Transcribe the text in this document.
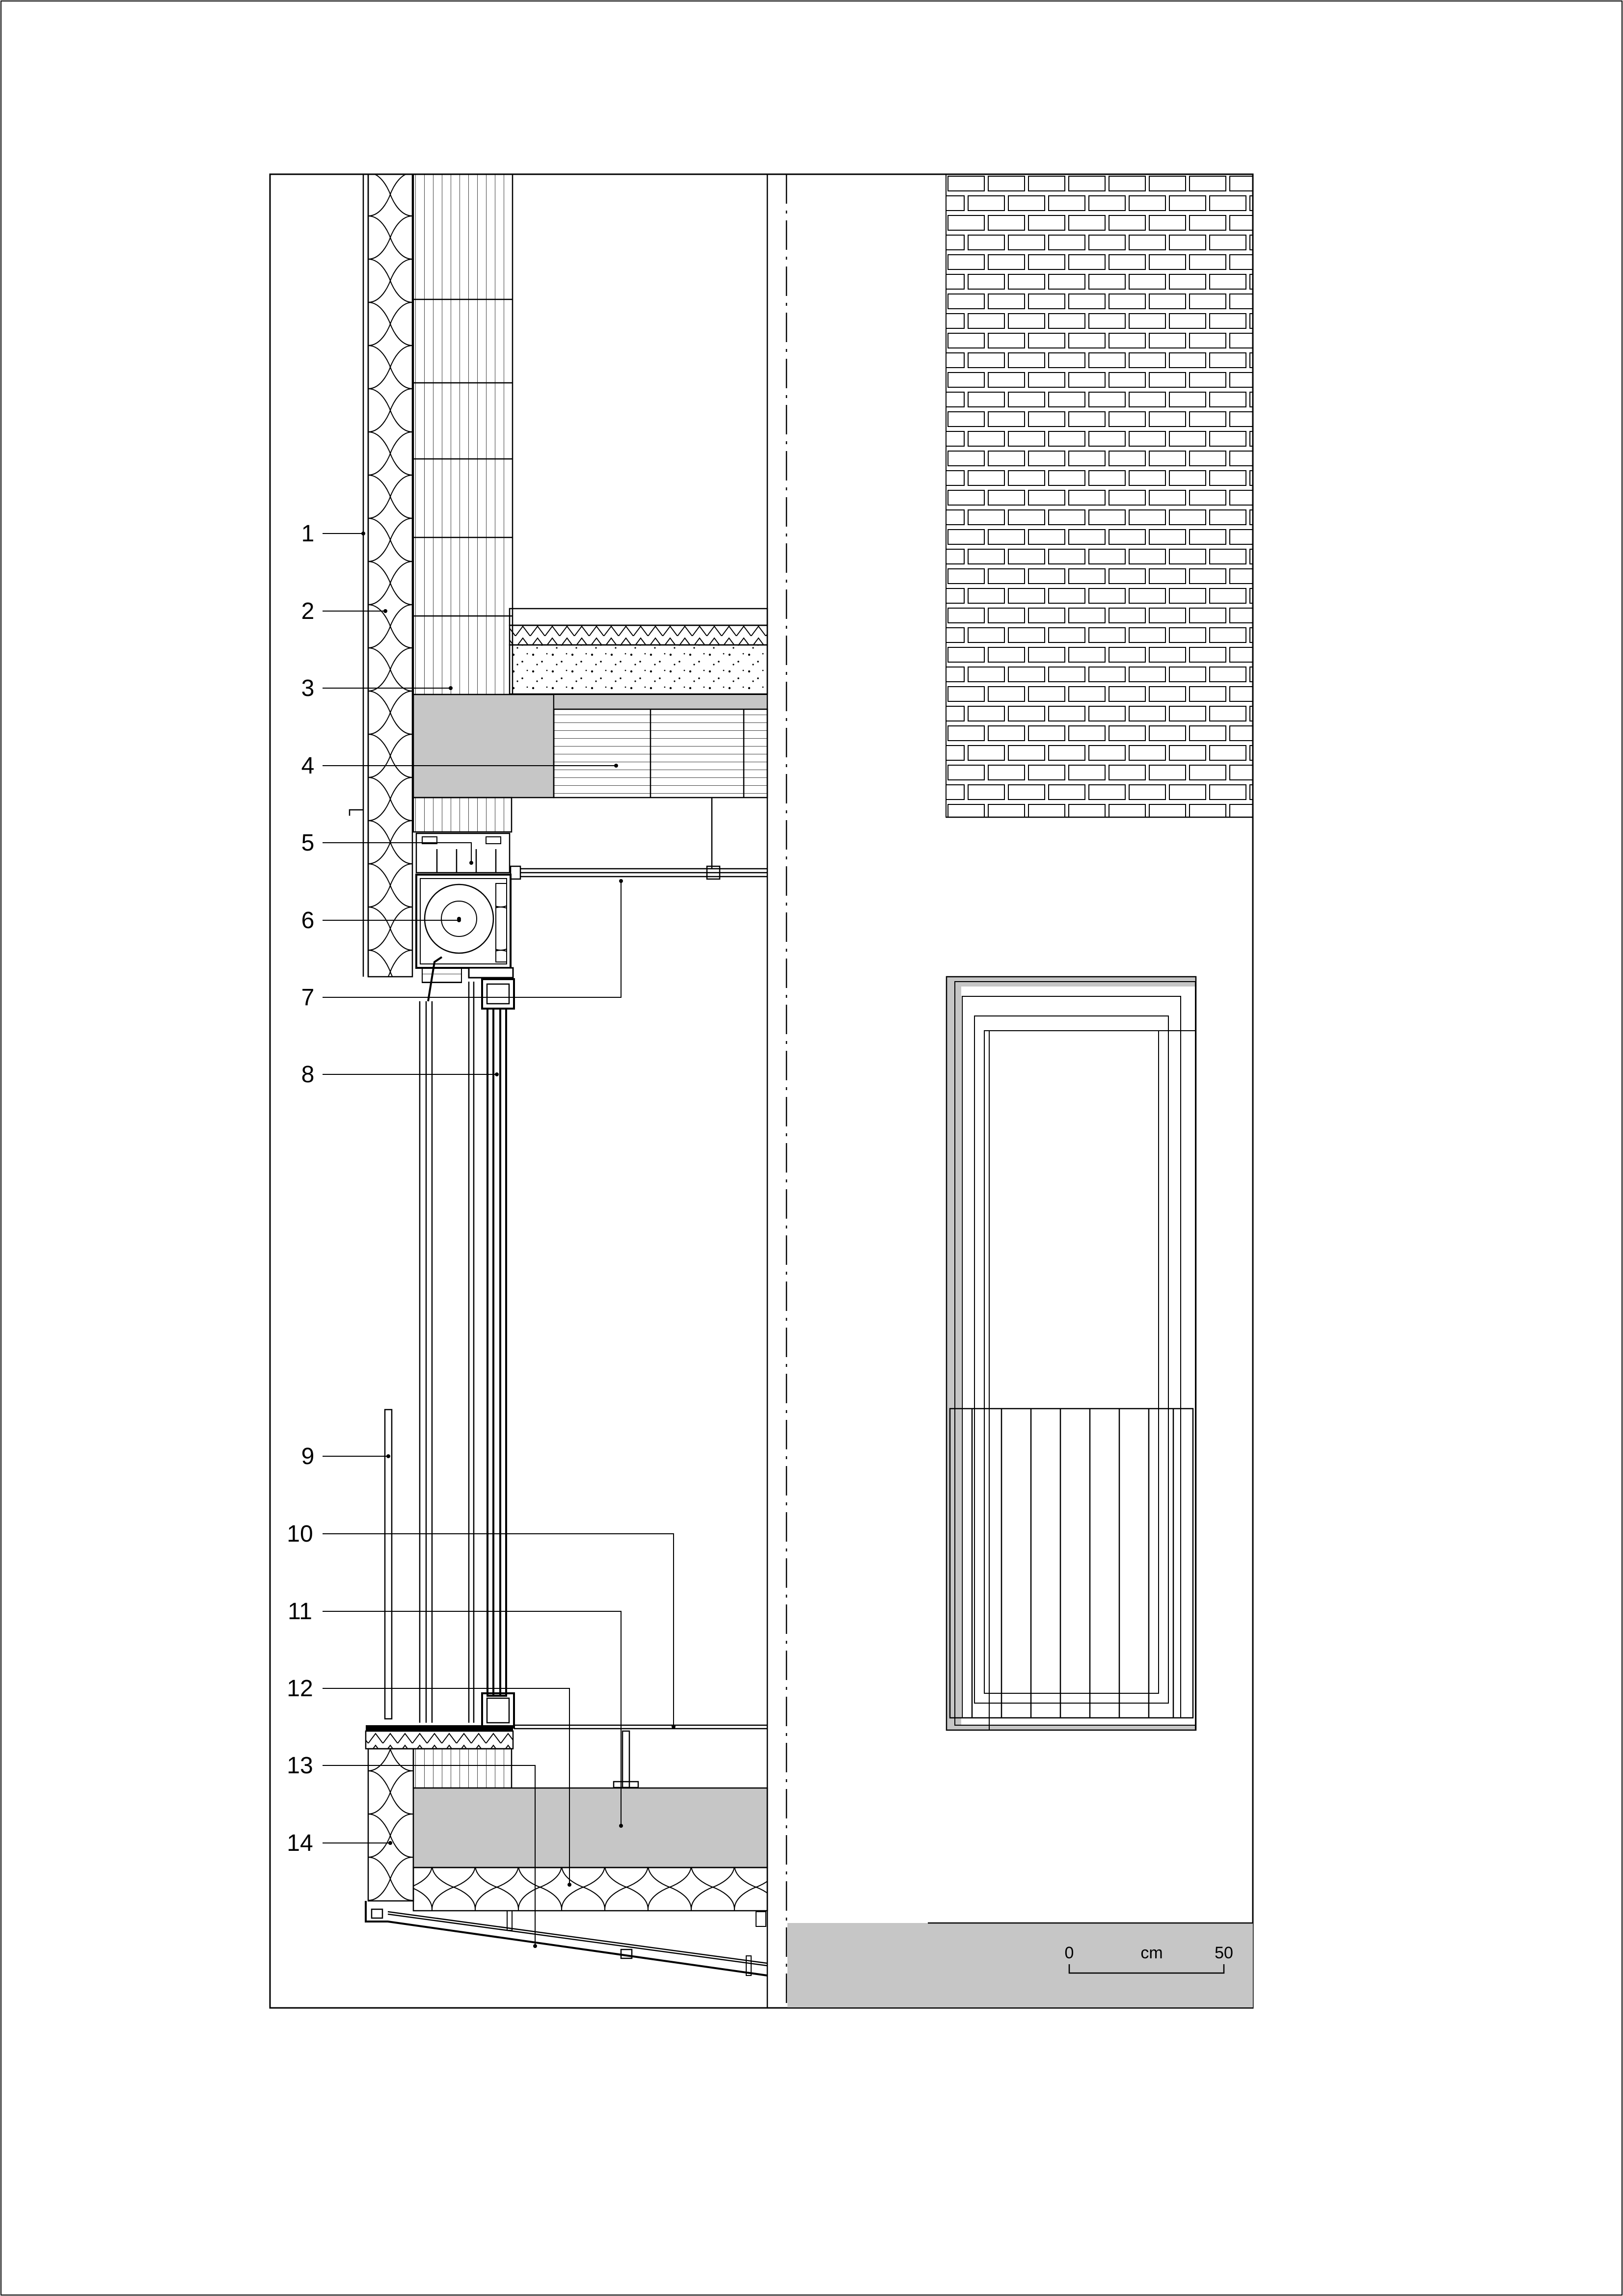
0	cm	50
1
2
3
4
5
6
7
8
9
10
11
12
13
14
